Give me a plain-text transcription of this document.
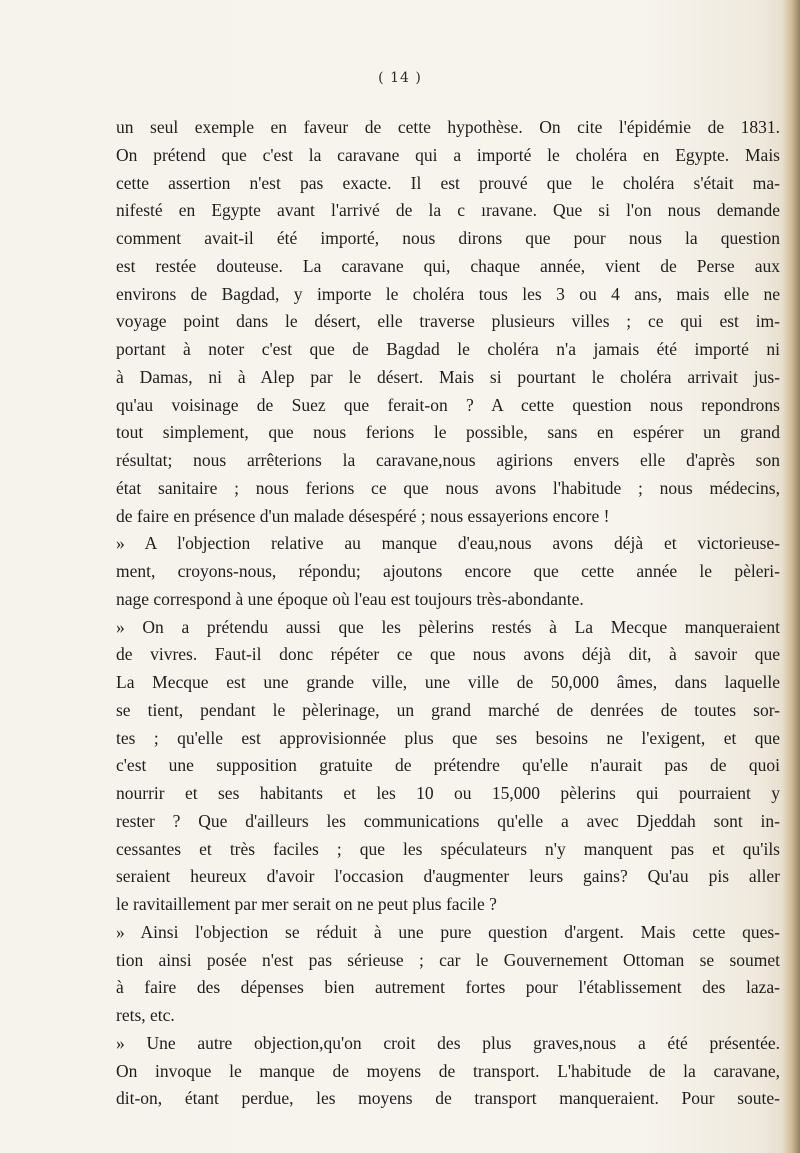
( 14 )
un seul exemple en faveur de cette hypothèse. On cite l'épidémie de 1831.
On prétend que c'est la caravane qui a importé le choléra en Egypte. Mais
cette assertion n'est pas exacte. Il est prouvé que le choléra s'était ma-
nifesté en Egypte avant l'arrivé de la c ıravane. Que si l'on nous demande
comment avait-il été importé, nous dirons que pour nous la question
est restée douteuse. La caravane qui, chaque année, vient de Perse aux
environs de Bagdad, y importe le choléra tous les 3 ou 4 ans, mais elle ne
voyage point dans le désert, elle traverse plusieurs villes ; ce qui est im-
portant à noter c'est que de Bagdad le choléra n'a jamais été importé ni
à Damas, ni à Alep par le désert. Mais si pourtant le choléra arrivait jus-
qu'au voisinage de Suez que ferait-on ? A cette question nous repondrons
tout simplement, que nous ferions le possible, sans en espérer un grand
résultat; nous arrêterions la caravane,nous agirions envers elle d'après son
état sanitaire ; nous ferions ce que nous avons l'habitude ; nous médecins,
de faire en présence d'un malade désespéré ; nous essayerions encore !
» A l'objection relative au manque d'eau,nous avons déjà et victorieuse-
ment, croyons-nous, répondu; ajoutons encore que cette année le pèleri-
nage correspond à une époque où l'eau est toujours très-abondante.
» On a prétendu aussi que les pèlerins restés à La Mecque manqueraient
de vivres. Faut-il donc répéter ce que nous avons déjà dit, à savoir que
La Mecque est une grande ville, une ville de 50,000 âmes, dans laquelle
se tient, pendant le pèlerinage, un grand marché de denrées de toutes sor-
tes ; qu'elle est approvisionnée plus que ses besoins ne l'exigent, et que
c'est une supposition gratuite de prétendre qu'elle n'aurait pas de quoi
nourrir et ses habitants et les 10 ou 15,000 pèlerins qui pourraient y
rester ? Que d'ailleurs les communications qu'elle a avec Djeddah sont in-
cessantes et très faciles ; que les spéculateurs n'y manquent pas et qu'ils
seraient heureux d'avoir l'occasion d'augmenter leurs gains? Qu'au pis aller
le ravitaillement par mer serait on ne peut plus facile ?
» Ainsi l'objection se réduit à une pure question d'argent. Mais cette ques-
tion ainsi posée n'est pas sérieuse ; car le Gouvernement Ottoman se soumet
à faire des dépenses bien autrement fortes pour l'établissement des laza-
rets, etc.
» Une autre objection,qu'on croit des plus graves,nous a été présentée.
On invoque le manque de moyens de transport. L'habitude de la caravane,
dit-on, étant perdue, les moyens de transport manqueraient. Pour soute-
